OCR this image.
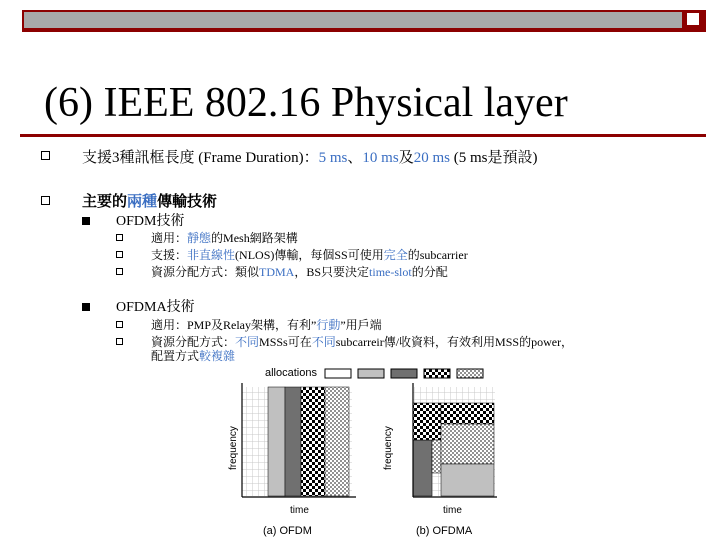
(6) IEEE 802.16 Physical layer
支援3種訊框長度 (Frame Duration)：5 ms、10 ms及20 ms (5 ms是預設)
主要的兩種傳輸技術
OFDM技術
適用：靜態的Mesh網路架構
支援：非直線性(NLOS)傳輸，每個SS可使用完全的subcarrier
資源分配方式：類似TDMA，BS只要決定time-slot的分配
OFDMA技術
適用：PMP及Relay架構，有利”行動”用戶端
資源分配方式：不同MSSs可在不同subcarreir傳/收資料，有效利用MSS的power，
配置方式較複雜
allocations
frequency
time
(a) OFDM
frequency
time
(b) OFDMA
